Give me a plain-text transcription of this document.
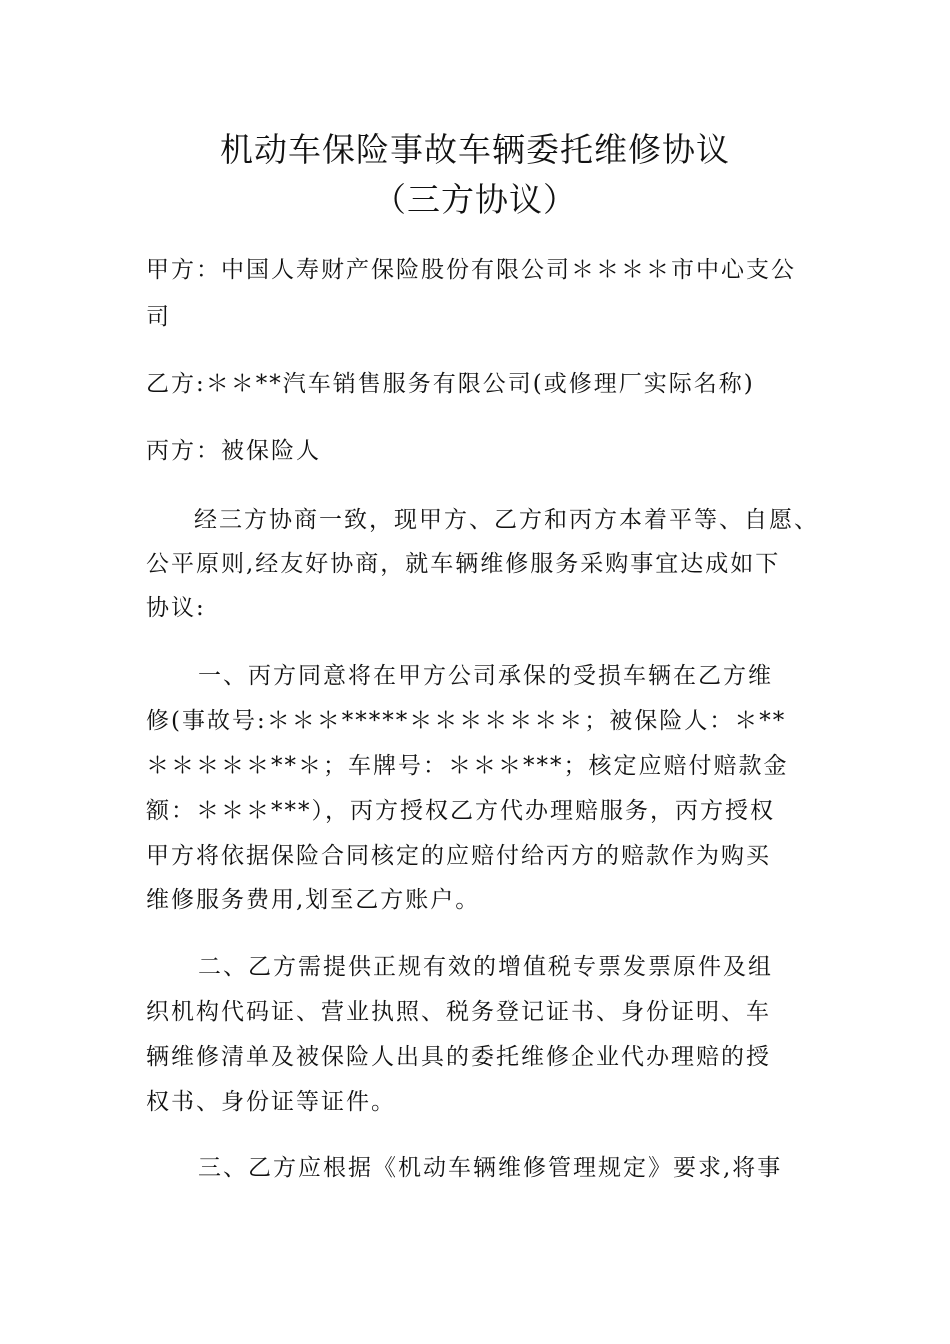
机动车保险事故车辆委托维修协议
（三方协议）
甲方：中国人寿财产保险股份有限公司＊＊＊＊市中心支公
司
乙方:＊＊**汽车销售服务有限公司(或修理厂实际名称)
丙方：被保险人
经三方协商一致，现甲方、乙方和丙方本着平等、自愿、
公平原则,经友好协商，就车辆维修服务采购事宜达成如下
协议:
一、丙方同意将在甲方公司承保的受损车辆在乙方维
修(事故号:＊＊＊*****＊＊＊＊＊＊＊；被保险人：＊**
＊＊＊＊＊**＊；车牌号：＊＊＊***；核定应赔付赔款金
额：＊＊＊***），丙方授权乙方代办理赔服务，丙方授权
甲方将依据保险合同核定的应赔付给丙方的赔款作为购买
维修服务费用,划至乙方账户。
二、乙方需提供正规有效的增值税专票发票原件及组
织机构代码证、营业执照、税务登记证书、身份证明、车
辆维修清单及被保险人出具的委托维修企业代办理赔的授
权书、身份证等证件。
三、乙方应根据《机动车辆维修管理规定》要求,将事
